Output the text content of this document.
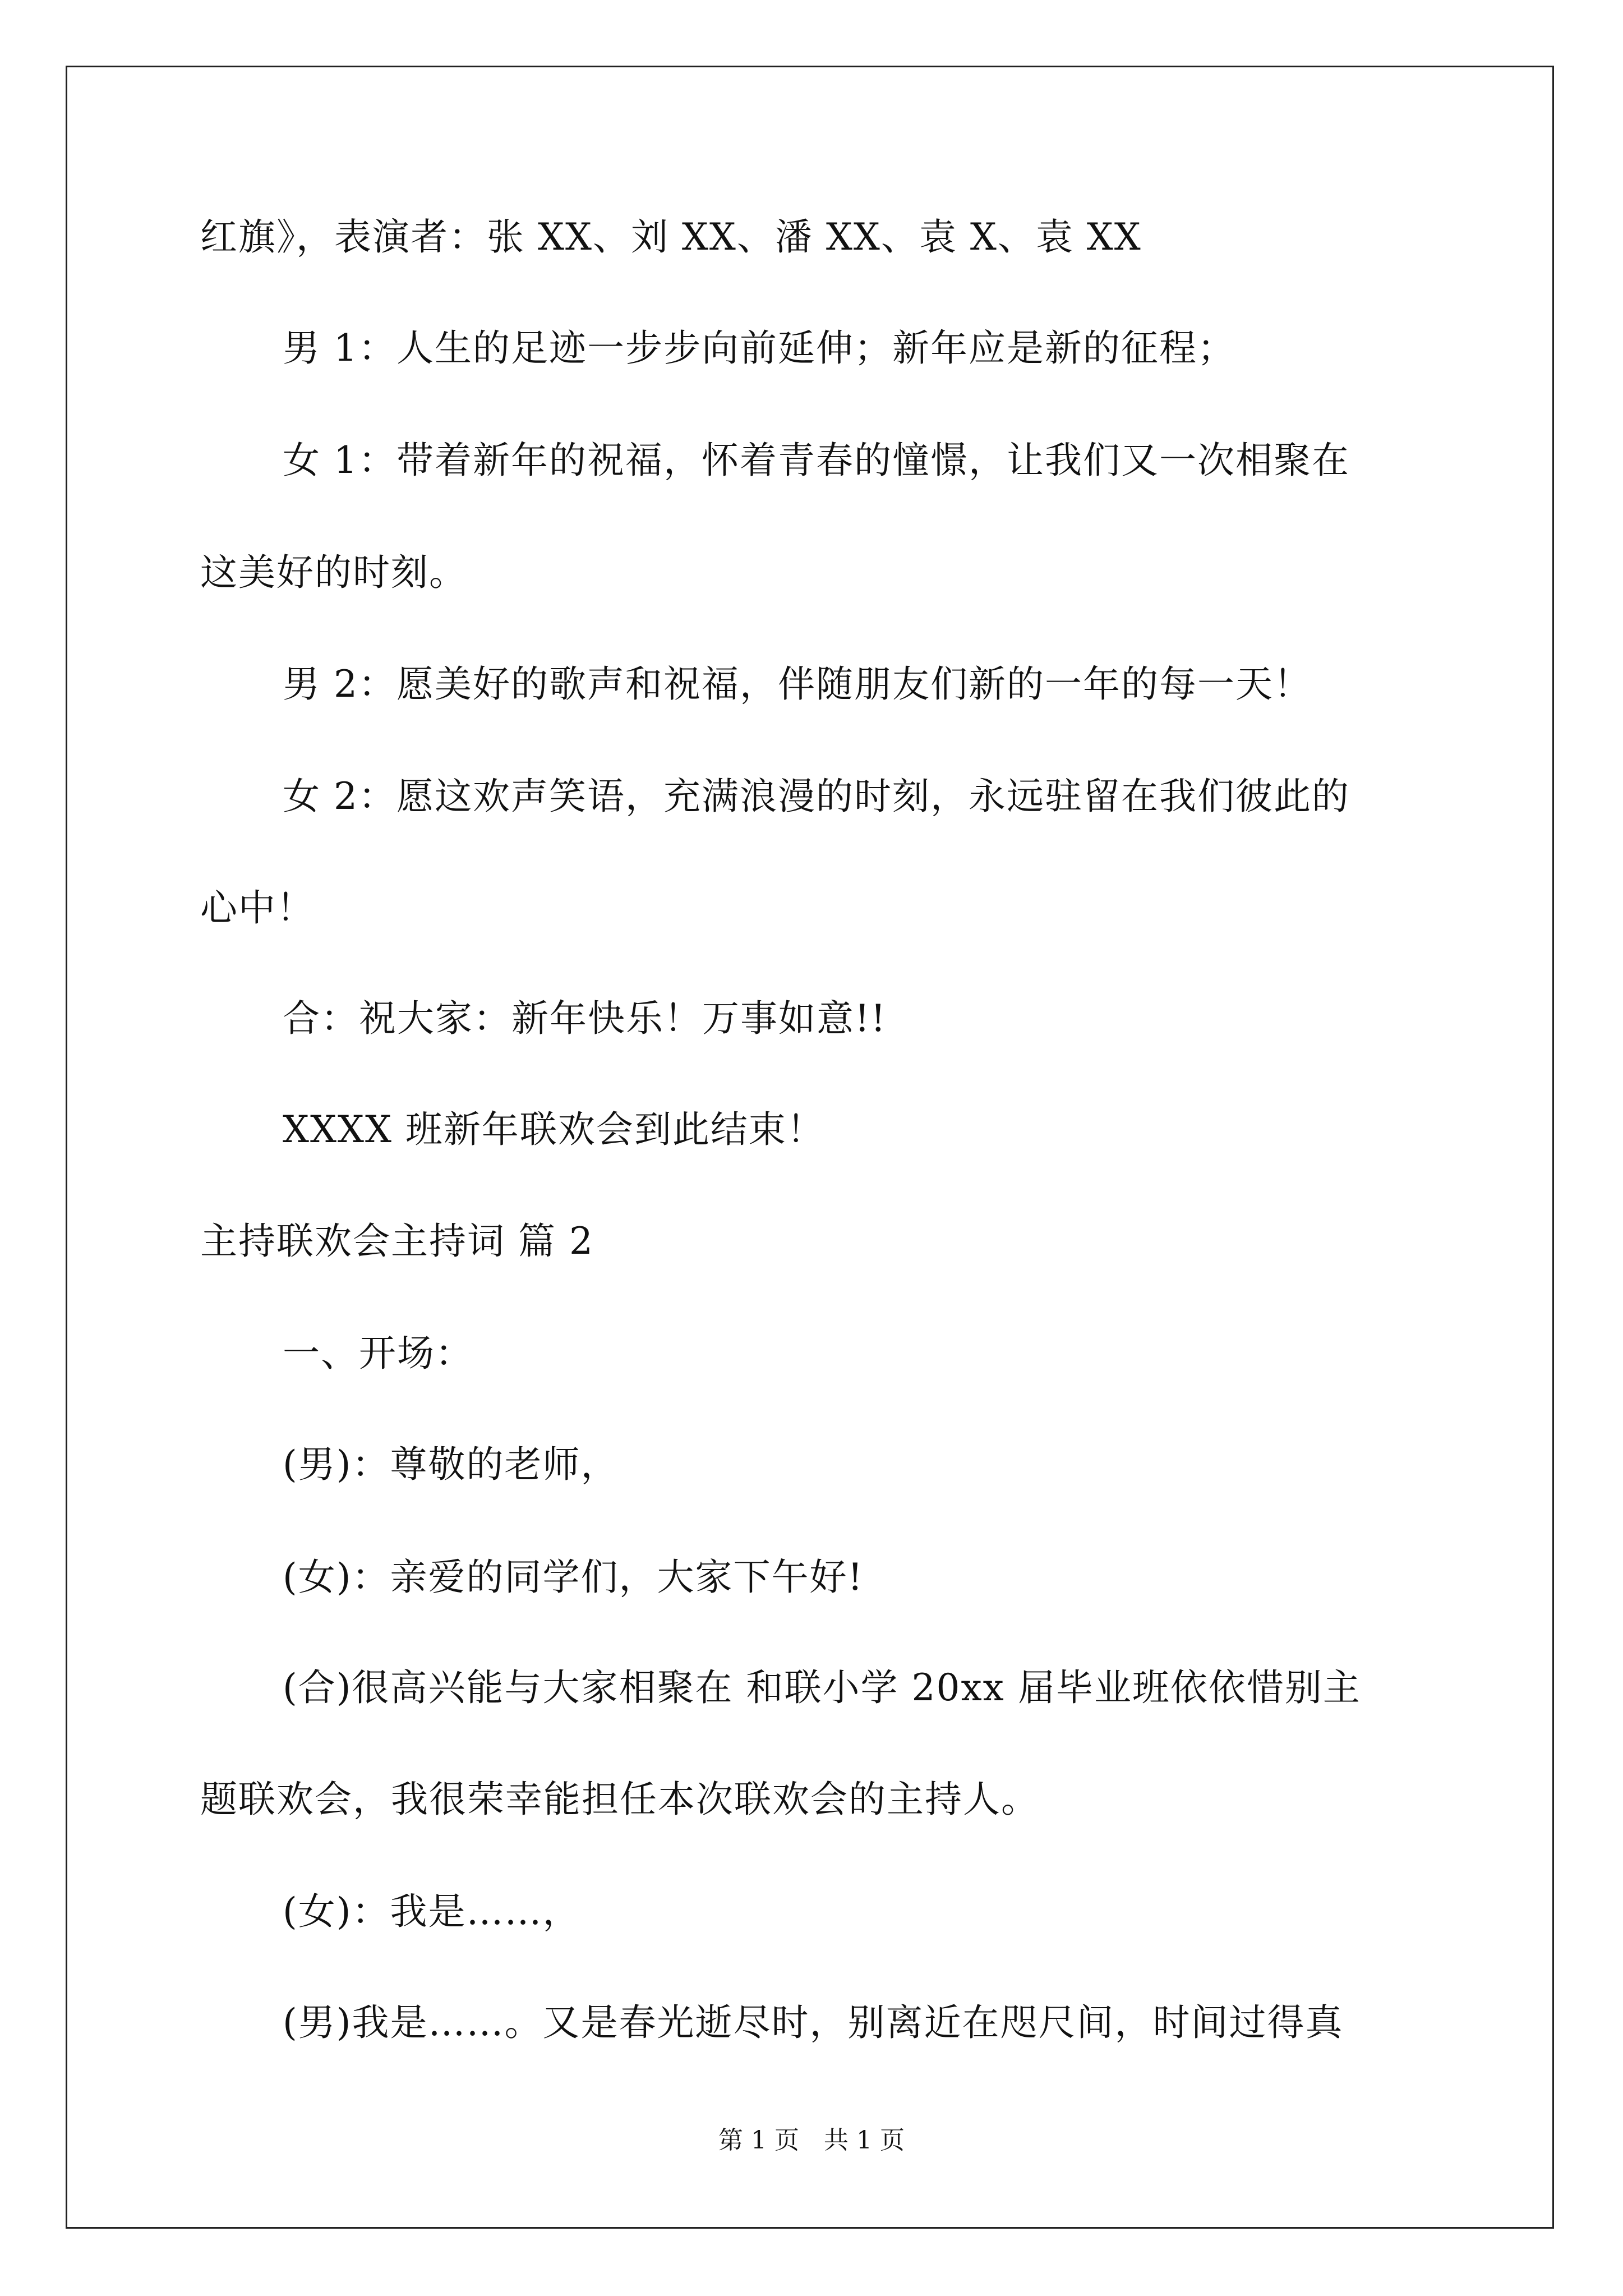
红旗》，表演者：张 XX、刘 XX、潘 XX、袁 X、袁 XX
男 1：人生的足迹一步步向前延伸；新年应是新的征程；
女 1：带着新年的祝福，怀着青春的憧憬，让我们又一次相聚在
这美好的时刻。
男 2：愿美好的歌声和祝福，伴随朋友们新的一年的每一天！
女 2：愿这欢声笑语，充满浪漫的时刻，永远驻留在我们彼此的
心中！
合：祝大家：新年快乐！万事如意!!
XXXX 班新年联欢会到此结束！
主持联欢会主持词 篇 2
一、开场：
(男)：尊敬的老师，
(女)：亲爱的同学们，大家下午好!
(合)很高兴能与大家相聚在 和联小学 20xx 届毕业班依依惜别主
题联欢会，我很荣幸能担任本次联欢会的主持人。
(女)：我是……，
(男)我是……。又是春光逝尽时，别离近在咫尺间，时间过得真
第 1 页　共 1 页
